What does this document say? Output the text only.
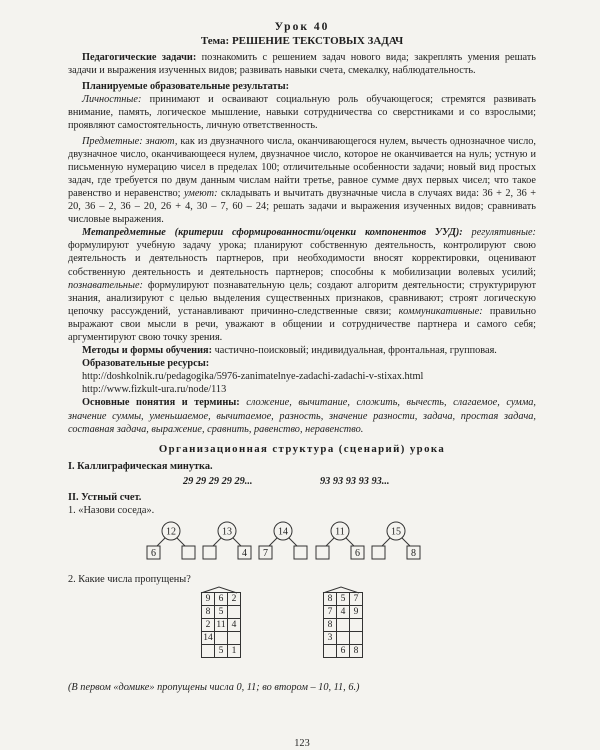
Урок 40
Тема: РЕШЕНИЕ ТЕКСТОВЫХ ЗАДАЧ

Педагогические задачи: познакомить с решением задач нового вида; закреплять умения решать задачи и выражения изученных видов; развивать навыки счета, смекалку, наблюдательность.

Планируемые образовательные результаты:

Личностные: принимают и осваивают социальную роль обучающегося; стремятся развивать внимание, память, логическое мышление, навыки сотрудничества со сверстниками и со взрослыми; проявляют самостоятельность, личную ответственность.

Предметные: знают, как из двузначного числа, оканчивающегося нулем, вычесть однозначное число, двузначное число, оканчивающееся нулем, двузначное число, которое не оканчивается на нуль; устную и письменную нумерацию чисел в пределах 100; отличительные особенности задачи; новый вид простых задач, где требуется по двум данным числам найти третье, равное сумме двух первых чисел; что такое равенство и неравенство; умеют: складывать и вычитать двузначные числа в случаях вида: 36 + 2, 36 + 20, 36 – 2, 36 – 20, 26 + 4, 30 – 7, 60 – 24; решать задачи и выражения изученных видов; сравнивать числовые выражения.

Метапредметные (критерии сформированности/оценки компонентов УУД): регулятивные: формулируют учебную задачу урока; планируют собственную деятельность, контролируют свою деятельность и деятельность партнеров, при необходимости вносят корректировки, оценивают собственную деятельность и деятельность партнеров; способны к мобилизации волевых усилий; познавательные: формулируют познавательную цель; создают алгоритм деятельности; структурируют знания, анализируют с целью выделения существенных признаков, сравнивают; строят логическую цепочку рассуждений, устанавливают причинно-следственные связи; коммуникативные: правильно выражают свои мысли в речи, уважают в общении и сотрудничестве партнера и самого себя; аргументируют свою точку зрения.

Методы и формы обучения: частично-поисковый; индивидуальная, фронтальная, групповая.

Образовательные ресурсы:

http://doshkolnik.ru/pedagogika/5976-zanimatelnye-zadachi-zadachi-v-stixax.html

http://www.fizkult-ura.ru/node/113

Основные понятия и термины: сложение, вычитание, сложить, вычесть, слагаемое, сумма, значение суммы, уменьшаемое, вычитаемое, разность, значение разности, задача, простая задача, составная задача, выражение, сравнить, равенство, неравенство.

Организационная структура (сценарий) урока

I. Каллиграфическая минутка.

29 29 29 29 29...	93 93 93 93 93...

II. Устный счет.

1. «Назови соседа».

12
6
13
4
14
7
11
6
15
8

2. Какие числа пропущены?

9	6	2
8	5	
2	11	4
14		
	5	1
8	5	7
7	4	9
8		
3		
	6	8

(В первом «домике» пропущены числа 0, 11; во втором – 10, 11, 6.)

123
